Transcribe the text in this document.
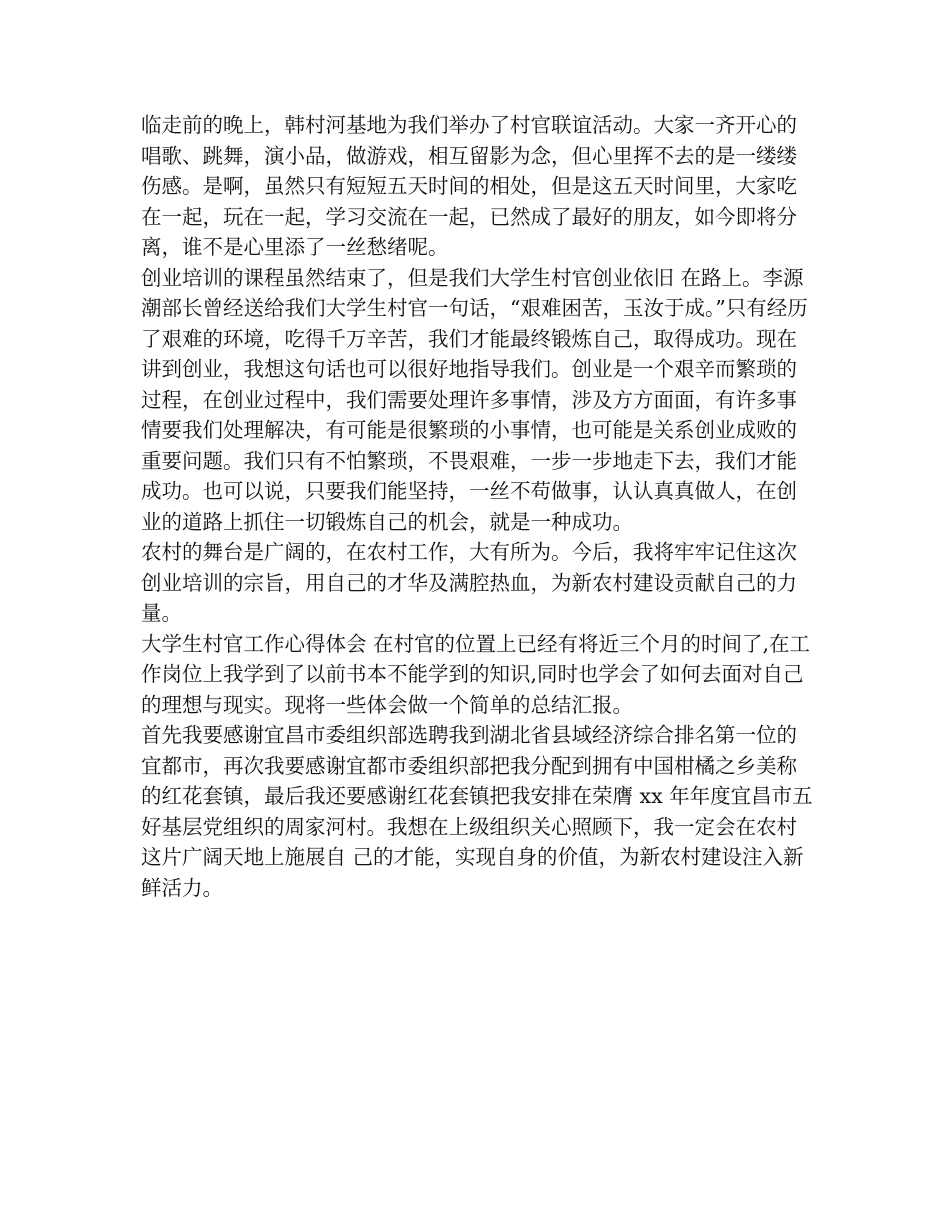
临走前的晚上，韩村河基地为我们举办了村官联谊活动。大家一齐开心的唱歌、跳舞，演小品，做游戏，相互留影为念，但心里挥不去的是一缕缕伤感。是啊，虽然只有短短五天时间的相处，但是这五天时间里，大家吃在一起，玩在一起，学习交流在一起，已然成了最好的朋友，如今即将分离，谁不是心里添了一丝愁绪呢。

创业培训的课程虽然结束了，但是我们大学生村官创业依旧 在路上。李源潮部长曾经送给我们大学生村官一句话，“艰难困苦，玉汝于成。”只有经历了艰难的环境，吃得千万辛苦，我们才能最终锻炼自己，取得成功。现在讲到创业，我想这句话也可以很好地指导我们。创业是一个艰辛而繁琐的过程，在创业过程中，我们需要处理许多事情，涉及方方面面，有许多事情要我们处理解决，有可能是很繁琐的小事情，也可能是关系创业成败的重要问题。我们只有不怕繁琐，不畏艰难，一步一步地走下去，我们才能成功。也可以说，只要我们能坚持，一丝不苟做事，认认真真做人，在创业的道路上抓住一切锻炼自己的机会，就是一种成功。

农村的舞台是广阔的，在农村工作，大有所为。今后，我将牢牢记住这次创业培训的宗旨，用自己的才华及满腔热血，为新农村建设贡献自己的力量。

大学生村官工作心得体会 在村官的位置上已经有将近三个月的时间了,在工作岗位上我学到了以前书本不能学到的知识,同时也学会了如何去面对自己的理想与现实。现将一些体会做一个简单的总结汇报。

首先我要感谢宜昌市委组织部选聘我到湖北省县域经济综合排名第一位的宜都市，再次我要感谢宜都市委组织部把我分配到拥有中国柑橘之乡美称的红花套镇，最后我还要感谢红花套镇把我安排在荣膺 xx 年年度宜昌市五好基层党组织的周家河村。我想在上级组织关心照顾下，我一定会在农村这片广阔天地上施展自 己的才能，实现自身的价值，为新农村建设注入新鲜活力。
